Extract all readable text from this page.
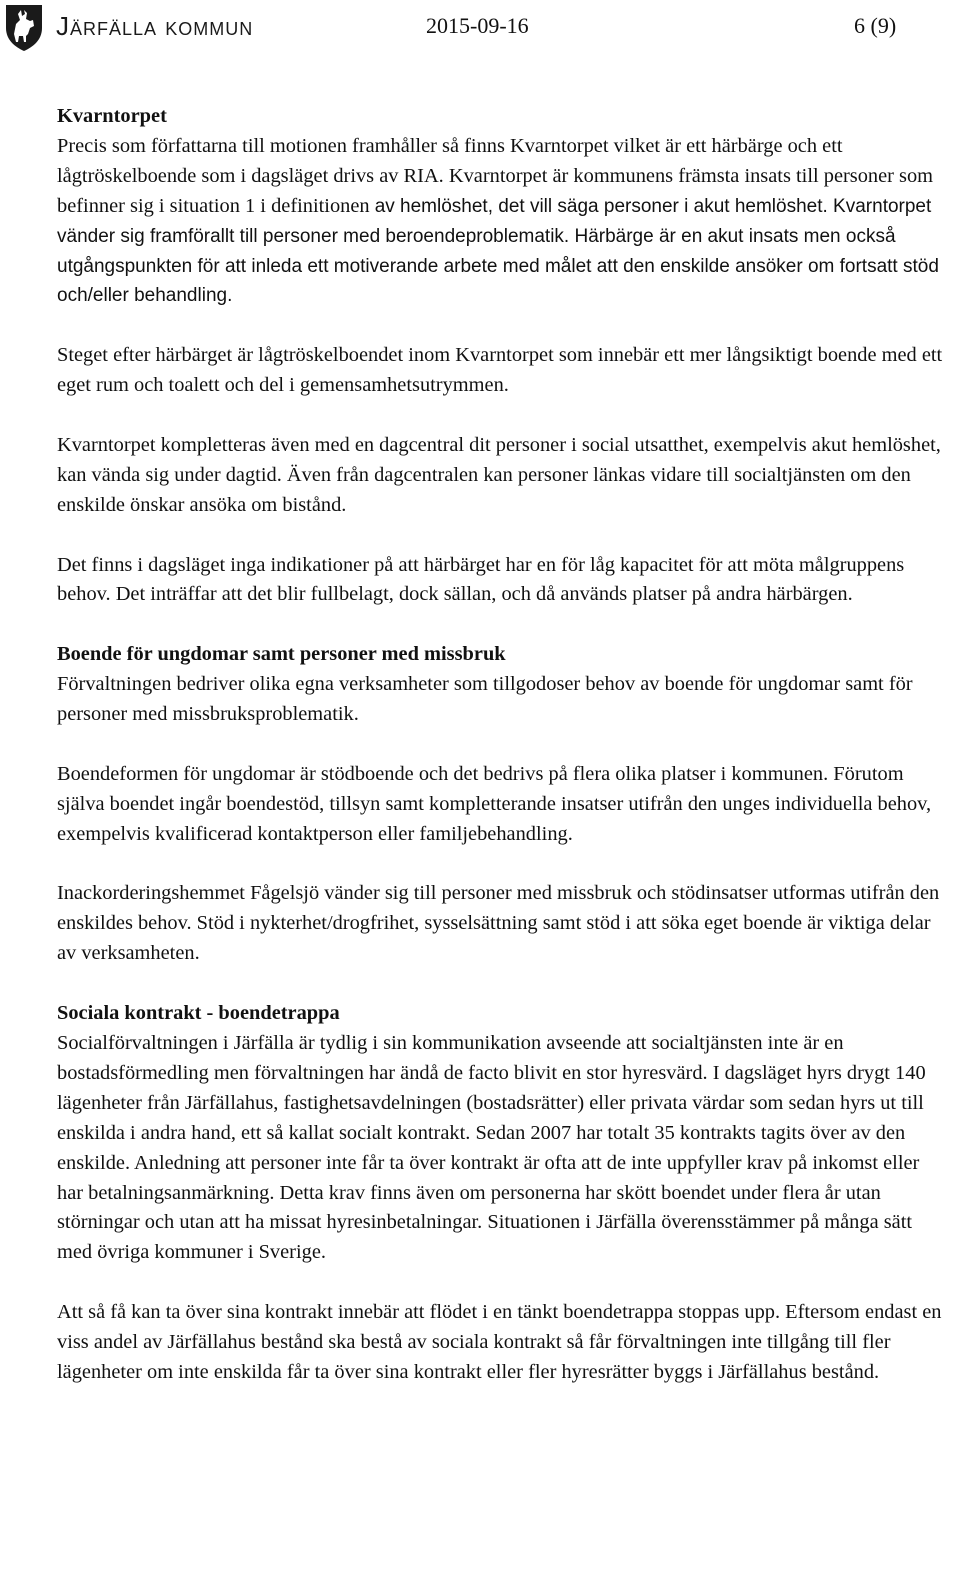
Järfälla kommun	2015-09-16	6 (9)
Kvarntorpet

Precis som författarna till motionen framhåller så finns Kvarntorpet vilket är ett härbärge och ett lågtröskelboende som i dagsläget drivs av RIA. Kvarntorpet är kommunens främsta insats till personer som befinner sig i situation 1 i definitionen av hemlöshet, det vill säga personer i akut hemlöshet. Kvarntorpet vänder sig framförallt till personer med beroendeproblematik. Härbärge är en akut insats men också utgångspunkten för att inleda ett motiverande arbete med målet att den enskilde ansöker om fortsatt stöd och/eller behandling.

Steget efter härbärget är lågtröskelboendet inom Kvarntorpet som innebär ett mer långsiktigt boende med ett eget rum och toalett och del i gemensamhetsutrymmen.

Kvarntorpet kompletteras även med en dagcentral dit personer i social utsatthet, exempelvis akut hemlöshet, kan vända sig under dagtid. Även från dagcentralen kan personer länkas vidare till socialtjänsten om den enskilde önskar ansöka om bistånd.

Det finns i dagsläget inga indikationer på att härbärget har en för låg kapacitet för att möta målgruppens behov. Det inträffar att det blir fullbelagt, dock sällan, och då används platser på andra härbärgen.

Boende för ungdomar samt personer med missbruk

Förvaltningen bedriver olika egna verksamheter som tillgodoser behov av boende för ungdomar samt för personer med missbruksproblematik.

Boendeformen för ungdomar är stödboende och det bedrivs på flera olika platser i kommunen. Förutom själva boendet ingår boendestöd, tillsyn samt kompletterande insatser utifrån den unges individuella behov, exempelvis kvalificerad kontaktperson eller familjebehandling.

Inackorderingshemmet Fågelsjö vänder sig till personer med missbruk och stödinsatser utformas utifrån den enskildes behov. Stöd i nykterhet/drogfrihet, sysselsättning samt stöd i att söka eget boende är viktiga delar av verksamheten.

Sociala kontrakt - boendetrappa

Socialförvaltningen i Järfälla är tydlig i sin kommunikation avseende att socialtjänsten inte är en bostadsförmedling men förvaltningen har ändå de facto blivit en stor hyresvärd. I dagsläget hyrs drygt 140 lägenheter från Järfällahus, fastighetsavdelningen (bostadsrätter) eller privata värdar som sedan hyrs ut till enskilda i andra hand, ett så kallat socialt kontrakt. Sedan 2007 har totalt 35 kontrakts tagits över av den enskilde. Anledning att personer inte får ta över kontrakt är ofta att de inte uppfyller krav på inkomst eller har betalningsanmärkning. Detta krav finns även om personerna har skött boendet under flera år utan störningar och utan att ha missat hyresinbetalningar. Situationen i Järfälla överensstämmer på många sätt med övriga kommuner i Sverige.

Att så få kan ta över sina kontrakt innebär att flödet i en tänkt boendetrappa stoppas upp. Eftersom endast en viss andel av Järfällahus bestånd ska bestå av sociala kontrakt så får förvaltningen inte tillgång till fler lägenheter om inte enskilda får ta över sina kontrakt eller fler hyresrätter byggs i Järfällahus bestånd.
